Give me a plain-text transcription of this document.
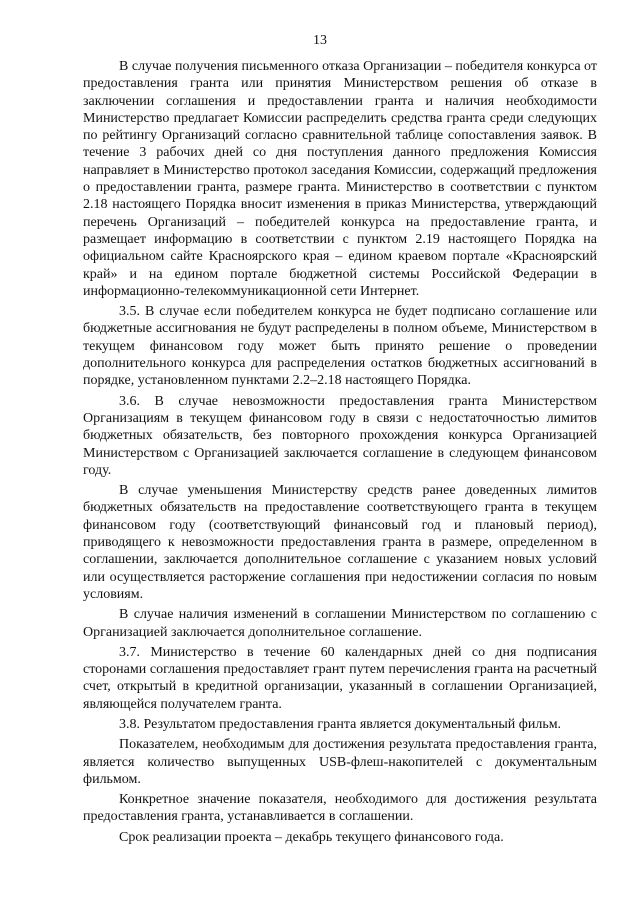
13

В случае получения письменного отказа Организации – победителя конкурса от предоставления гранта или принятия Министерством решения об отказе в заключении соглашения и предоставлении гранта и наличия необходимости Министерство предлагает Комиссии распределить средства гранта среди следующих по рейтингу Организаций согласно сравнительной таблице сопоставления заявок. В течение 3 рабочих дней со дня поступления данного предложения Комиссия направляет в Министерство протокол заседания Комиссии, содержащий предложения о предоставлении гранта, размере гранта. Министерство в соответствии с пунктом 2.18 настоящего Порядка вносит изменения в приказ Министерства, утверждающий перечень Организаций – победителей конкурса на предоставление гранта, и размещает информацию в соответствии с пунктом 2.19 настоящего Порядка на официальном сайте Красноярского края – едином краевом портале «Красноярский край» и на едином портале бюджетной системы Российской Федерации в информационно-телекоммуникационной сети Интернет.

3.5. В случае если победителем конкурса не будет подписано соглашение или бюджетные ассигнования не будут распределены в полном объеме, Министерством в текущем финансовом году может быть принято решение о проведении дополнительного конкурса для распределения остатков бюджетных ассигнований в порядке, установленном пунктами 2.2–2.18 настоящего Порядка.

3.6. В случае невозможности предоставления гранта Министерством Организациям в текущем финансовом году в связи с недостаточностью лимитов бюджетных обязательств, без повторного прохождения конкурса Организацией Министерством с Организацией заключается соглашение в следующем финансовом году.

В случае уменьшения Министерству средств ранее доведенных лимитов бюджетных обязательств на предоставление соответствующего гранта в текущем финансовом году (соответствующий финансовый год и плановый период), приводящего к невозможности предоставления гранта в размере, определенном в соглашении, заключается дополнительное соглашение с указанием новых условий или осуществляется расторжение соглашения при недостижении согласия по новым условиям.

В случае наличия изменений в соглашении Министерством по соглашению с Организацией заключается дополнительное соглашение.

3.7. Министерство в течение 60 календарных дней со дня подписания сторонами соглашения предоставляет грант путем перечисления гранта на расчетный счет, открытый в кредитной организации, указанный в соглашении Организацией, являющейся получателем гранта.

3.8. Результатом предоставления гранта является документальный фильм.

Показателем, необходимым для достижения результата предоставления гранта, является количество выпущенных USB-флеш-накопителей с документальным фильмом.

Конкретное значение показателя, необходимого для достижения результата предоставления гранта, устанавливается в соглашении.

Срок реализации проекта – декабрь текущего финансового года.
